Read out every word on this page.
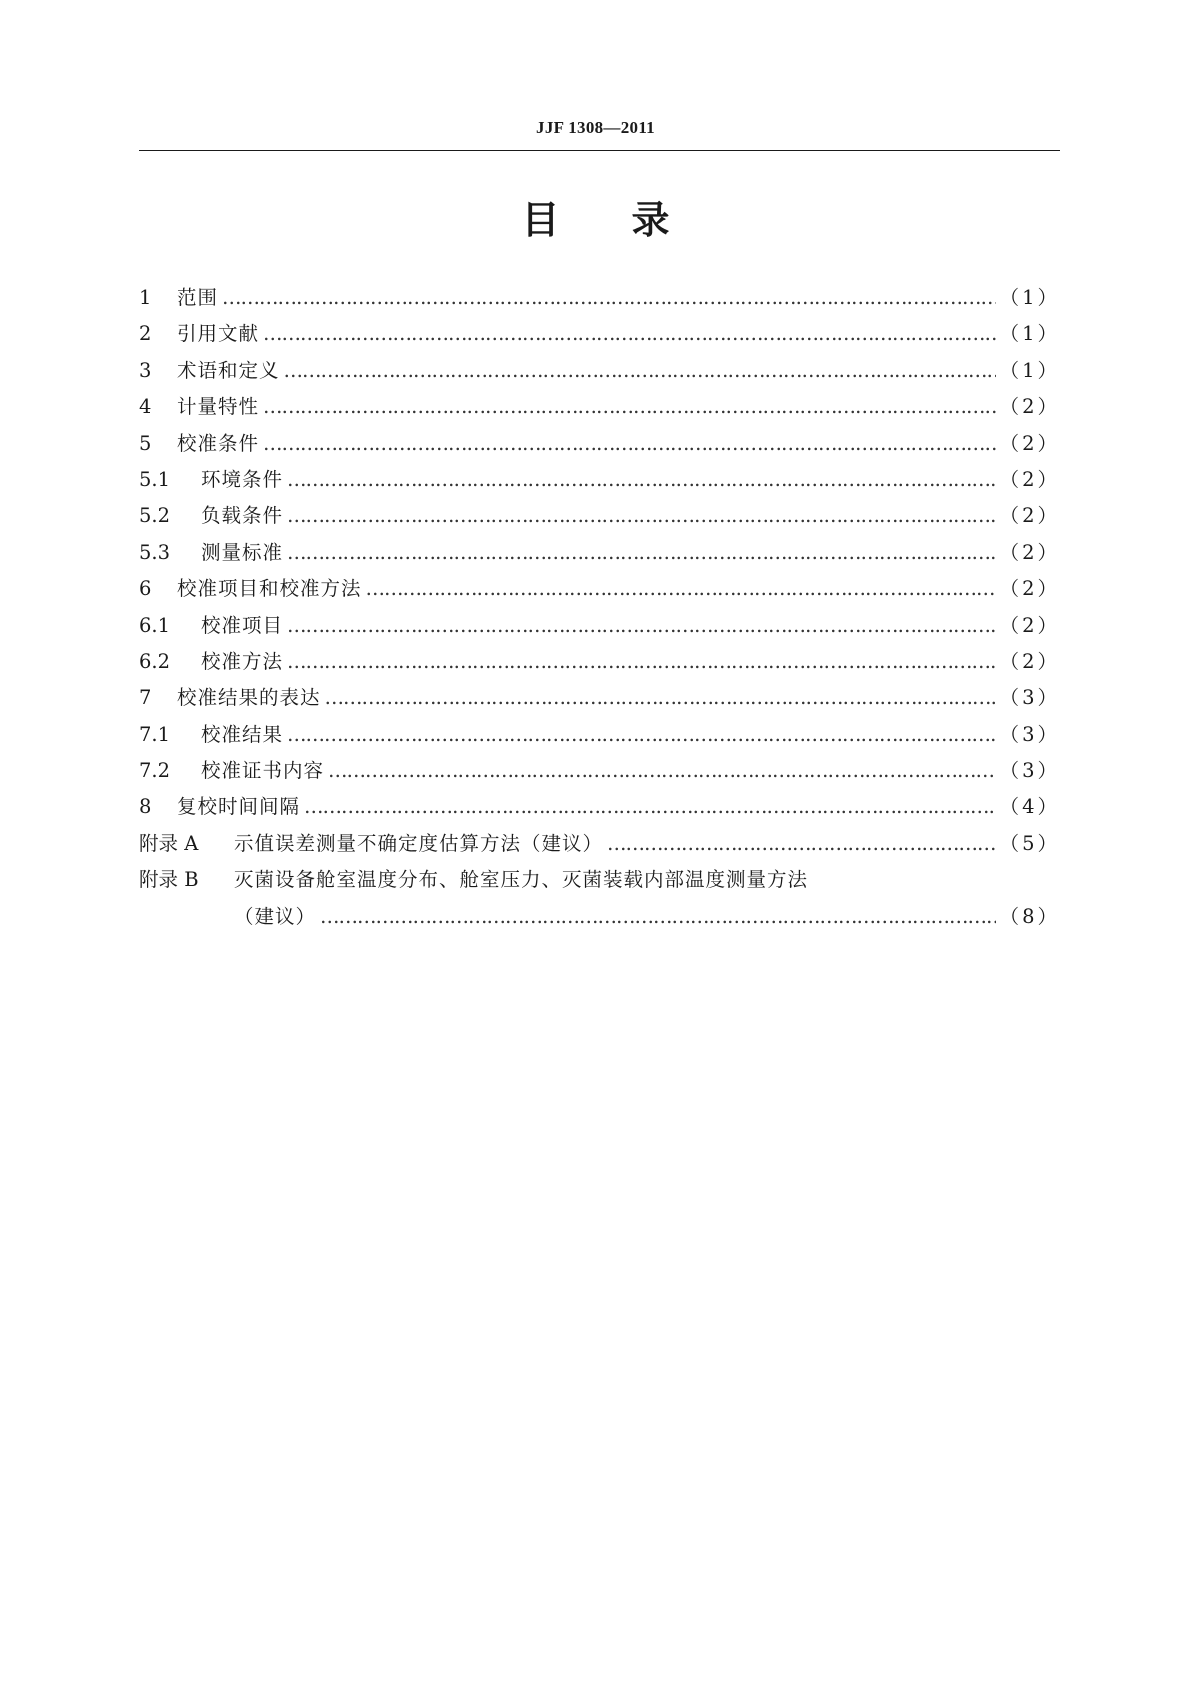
JJF 1308—2011
目 录
1	范围 ……………………………………………………………………………………………………………………………………………………………………………………………………………………………………	（1）
2	引用文献 ……………………………………………………………………………………………………………………………………………………………………………………………………………………………………	（1）
3	术语和定义 ……………………………………………………………………………………………………………………………………………………………………………………………………………………………………	（1）
4	计量特性 ……………………………………………………………………………………………………………………………………………………………………………………………………………………………………	（2）
5	校准条件 ……………………………………………………………………………………………………………………………………………………………………………………………………………………………………	（2）
5.1	环境条件 ……………………………………………………………………………………………………………………………………………………………………………………………………………………………………	（2）
5.2	负载条件 ……………………………………………………………………………………………………………………………………………………………………………………………………………………………………	（2）
5.3	测量标准 ……………………………………………………………………………………………………………………………………………………………………………………………………………………………………	（2）
6	校准项目和校准方法 ……………………………………………………………………………………………………………………………………………………………………………………………………………………………………	（2）
6.1	校准项目 ……………………………………………………………………………………………………………………………………………………………………………………………………………………………………	（2）
6.2	校准方法 ……………………………………………………………………………………………………………………………………………………………………………………………………………………………………	（2）
7	校准结果的表达 ……………………………………………………………………………………………………………………………………………………………………………………………………………………………………	（3）
7.1	校准结果 ……………………………………………………………………………………………………………………………………………………………………………………………………………………………………	（3）
7.2	校准证书内容 ……………………………………………………………………………………………………………………………………………………………………………………………………………………………………	（3）
8	复校时间间隔 ……………………………………………………………………………………………………………………………………………………………………………………………………………………………………	（4）
附录 A	示值误差测量不确定度估算方法（建议） ……………………………………………………………………………………………………………………………………………………………………………………………………………………………………	（5）
附录 B	灭菌设备舱室温度分布、舱室压力、灭菌装载内部温度测量方法
（建议） ……………………………………………………………………………………………………………………………………………………………………………………………………………………………………	（8）
